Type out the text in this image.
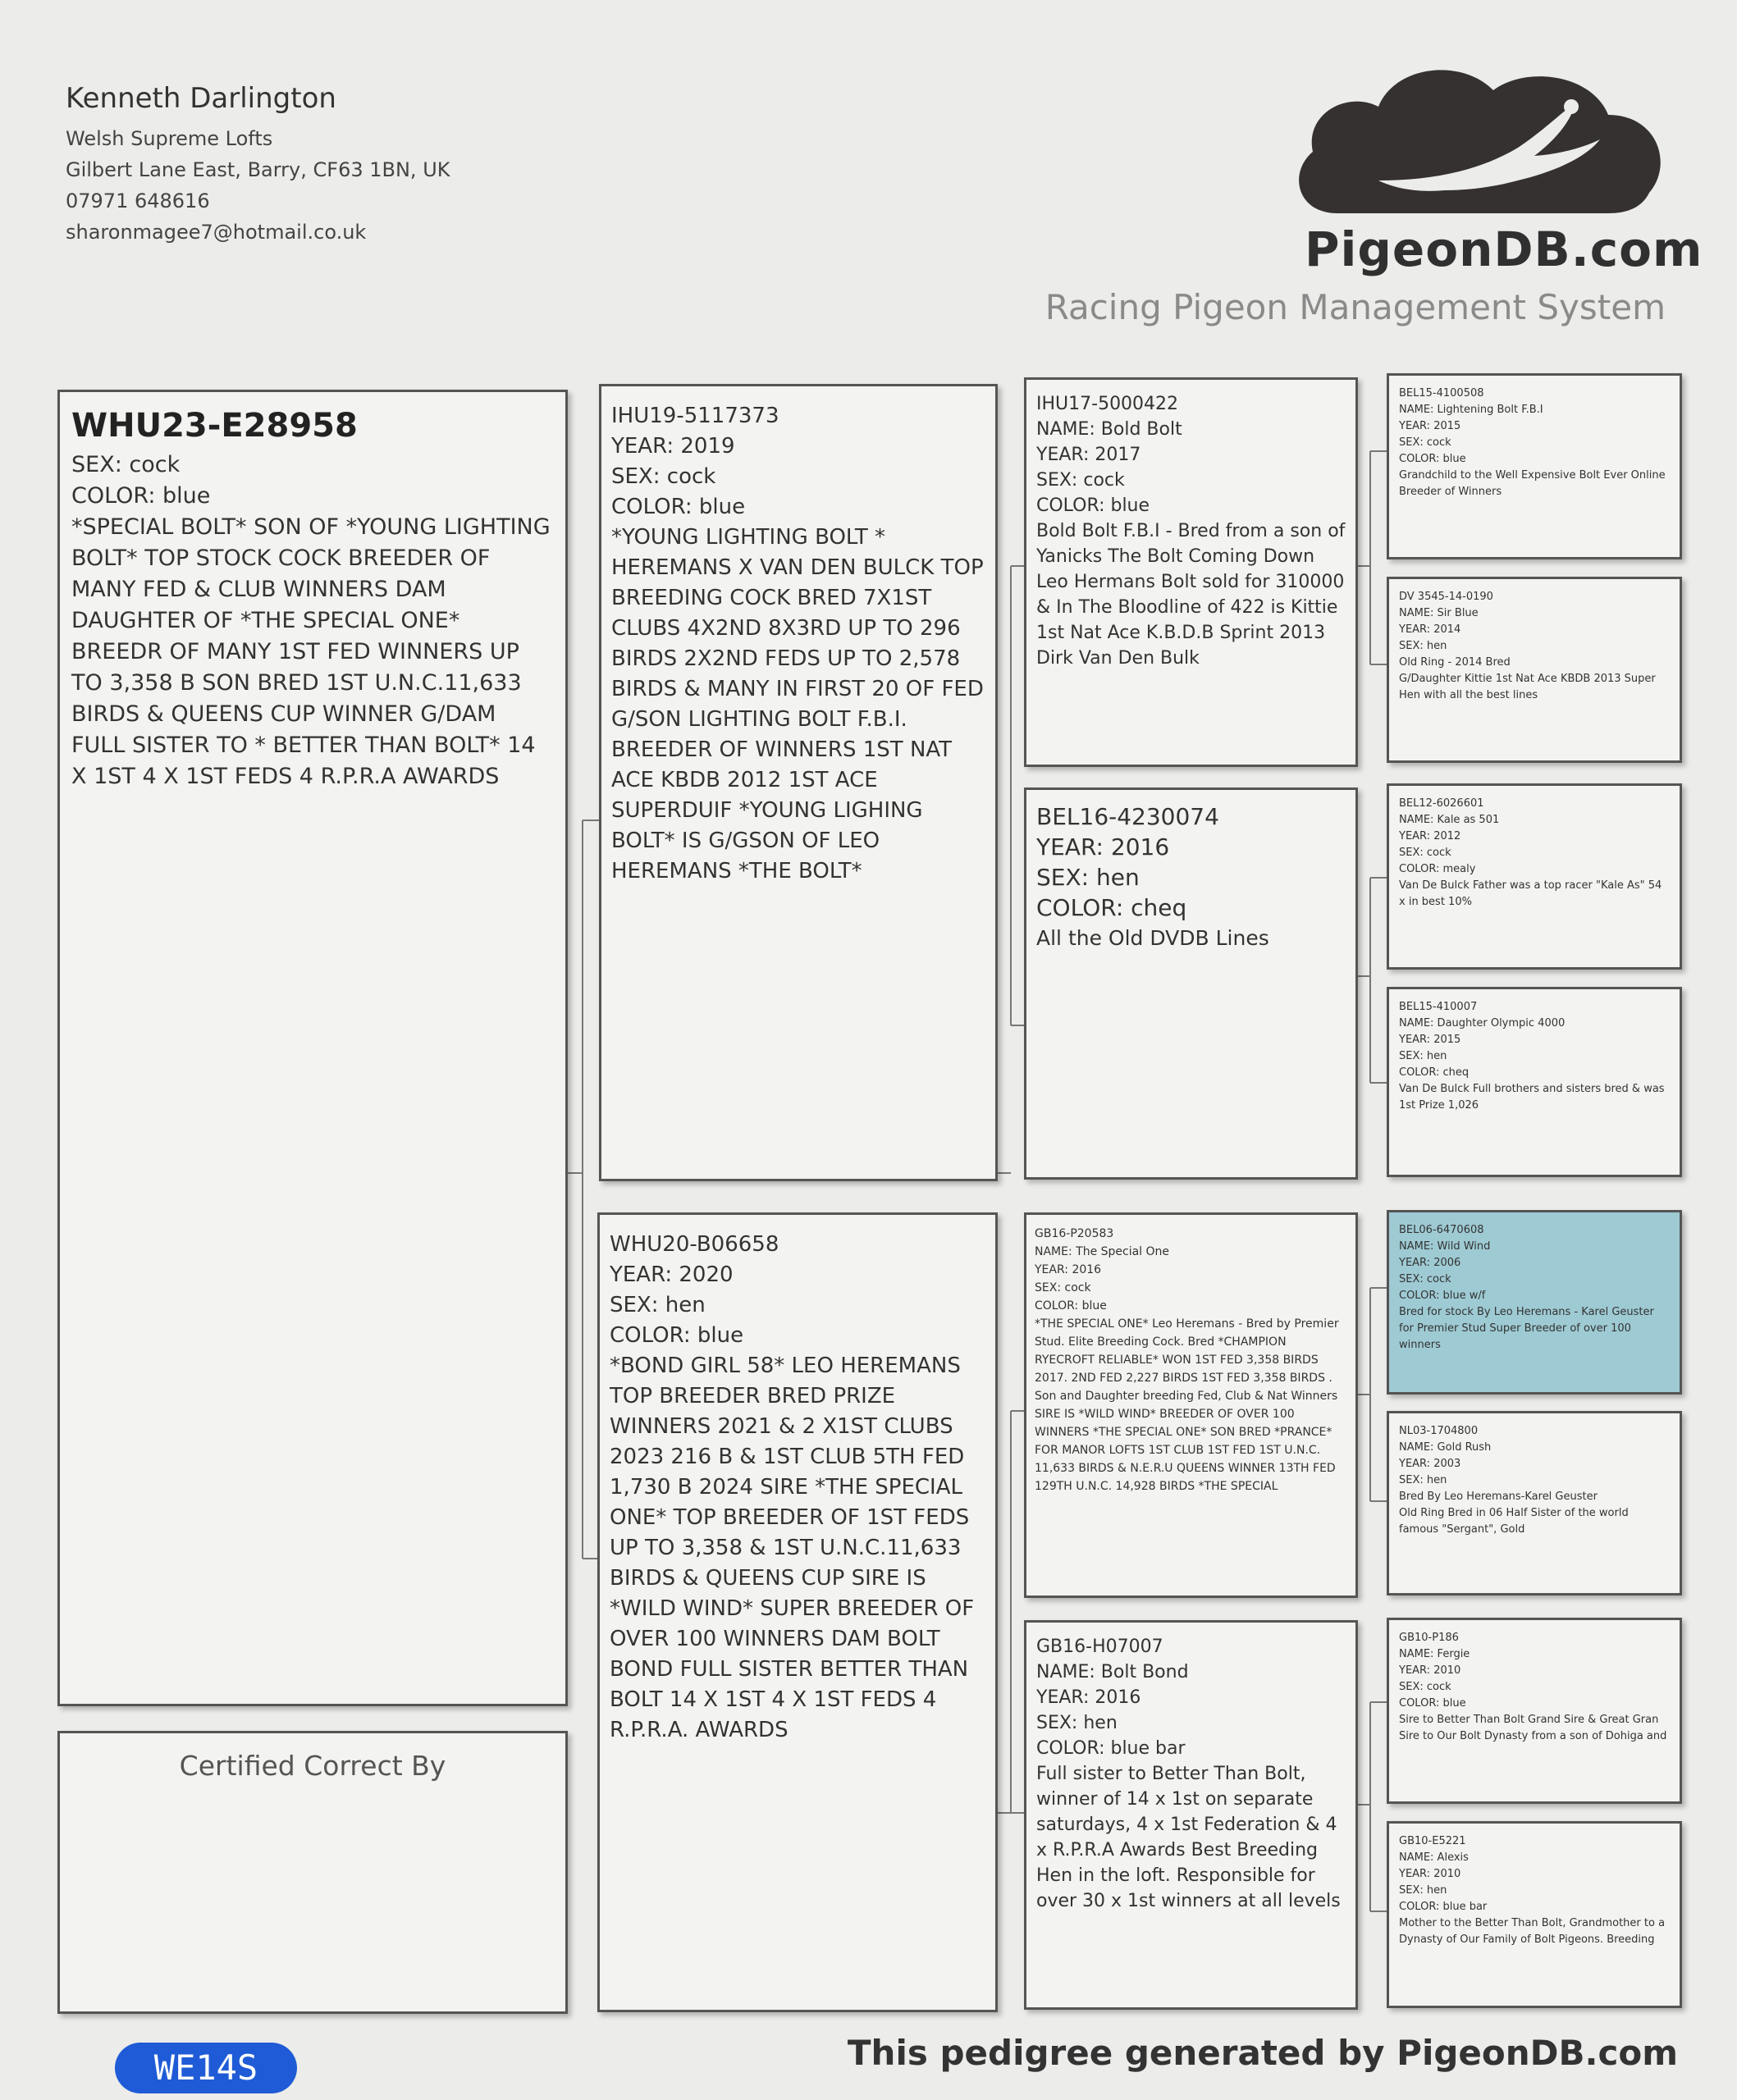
Kenneth Darlington
Welsh Supreme Lofts
Gilbert Lane East, Barry, CF63 1BN, UK
07971 648616
sharonmagee7@hotmail.co.uk	PigeonDB.com
Racing Pigeon Management System
WHU23-E28958
SEX: cock
COLOR: blue
*SPECIAL BOLT* SON OF *YOUNG LIGHTING BOLT* TOP STOCK COCK BREEDER OF MANY FED & CLUB WINNERS DAM DAUGHTER OF *THE SPECIAL ONE* BREEDR OF MANY 1ST FED WINNERS UP TO 3,358 B SON BRED 1ST U.N.C.11,633 BIRDS & QUEENS CUP WINNER G/DAM FULL SISTER TO * BETTER THAN BOLT* 14 X 1ST 4 X 1ST FEDS 4 R.P.R.A AWARDS
IHU19-5117373
YEAR: 2019
SEX: cock
COLOR: blue
*YOUNG LIGHTING BOLT * HEREMANS X VAN DEN BULCK TOP BREEDING COCK BRED 7X1ST CLUBS 4X2ND 8X3RD UP TO 296 BIRDS 2X2ND FEDS UP TO 2,578 BIRDS & MANY IN FIRST 20 OF FED G/SON LIGHTING BOLT F.B.I. BREEDER OF WINNERS 1ST NAT ACE KBDB 2012 1ST ACE SUPERDUIF *YOUNG LIGHING BOLT* IS G/GSON OF LEO HEREMANS *THE BOLT*
WHU20-B06658
YEAR: 2020
SEX: hen
COLOR: blue
*BOND GIRL 58* LEO HEREMANS TOP BREEDER BRED PRIZE WINNERS 2021 & 2 X1ST CLUBS 2023 216 B & 1ST CLUB 5TH FED 1,730 B 2024 SIRE *THE SPECIAL ONE* TOP BREEDER OF 1ST FEDS UP TO 3,358 & 1ST U.N.C.11,633 BIRDS & QUEENS CUP SIRE IS *WILD WIND* SUPER BREEDER OF OVER 100 WINNERS DAM BOLT BOND FULL SISTER BETTER THAN BOLT 14 X 1ST 4 X 1ST FEDS 4 R.P.R.A. AWARDS
IHU17-5000422
NAME: Bold Bolt
YEAR: 2017
SEX: cock
COLOR: blue
Bold Bolt F.B.I - Bred from a son of Yanicks The Bolt Coming Down Leo Hermans Bolt sold for 310000 & In The Bloodline of 422 is Kittie 1st Nat Ace K.B.D.B Sprint 2013 Dirk Van Den Bulk
BEL16-4230074
YEAR: 2016
SEX: hen
COLOR: cheq
All the Old DVDB Lines
GB16-P20583
NAME: The Special One
YEAR: 2016
SEX: cock
COLOR: blue
*THE SPECIAL ONE* Leo Heremans - Bred by Premier Stud. Elite Breeding Cock. Bred *CHAMPION RYECROFT RELIABLE* WON 1ST FED 3,358 BIRDS 2017. 2ND FED 2,227 BIRDS 1ST FED 3,358 BIRDS . Son and Daughter breeding Fed, Club & Nat Winners SIRE IS *WILD WIND* BREEDER OF OVER 100 WINNERS *THE SPECIAL ONE* SON BRED *PRANCE* FOR MANOR LOFTS 1ST CLUB 1ST FED 1ST U.N.C. 11,633 BIRDS & N.E.R.U QUEENS WINNER 13TH FED 129TH U.N.C. 14,928 BIRDS *THE SPECIAL
GB16-H07007
NAME: Bolt Bond
YEAR: 2016
SEX: hen
COLOR: blue bar
Full sister to Better Than Bolt, winner of 14 x 1st on separate saturdays, 4 x 1st Federation & 4 x R.P.R.A Awards Best Breeding Hen in the loft. Responsible for over 30 x 1st winners at all levels
BEL15-4100508
NAME: Lightening Bolt F.B.I
YEAR: 2015
SEX: cock
COLOR: blue
Grandchild to the Well Expensive Bolt Ever Online Breeder of Winners
DV 3545-14-0190
NAME: Sir Blue
YEAR: 2014
SEX: hen
Old Ring - 2014 Bred
G/Daughter Kittie 1st Nat Ace KBDB 2013 Super Hen with all the best lines
BEL12-6026601
NAME: Kale as 501
YEAR: 2012
SEX: cock
COLOR: mealy
Van De Bulck Father was a top racer "Kale As" 54 x in best 10%
BEL15-410007
NAME: Daughter Olympic 4000
YEAR: 2015
SEX: hen
COLOR: cheq
Van De Bulck Full brothers and sisters bred & was 1st Prize 1,026
BEL06-6470608
NAME: Wild Wind
YEAR: 2006
SEX: cock
COLOR: blue w/f
Bred for stock By Leo Heremans - Karel Geuster for Premier Stud Super Breeder of over 100 winners
NL03-1704800
NAME: Gold Rush
YEAR: 2003
SEX: hen
Bred By Leo Heremans-Karel Geuster
Old Ring Bred in 06 Half Sister of the world famous "Sergant", Gold
GB10-P186
NAME: Fergie
YEAR: 2010
SEX: cock
COLOR: blue
Sire to Better Than Bolt Grand Sire & Great Gran Sire to Our Bolt Dynasty from a son of Dohiga and
GB10-E5221
NAME: Alexis
YEAR: 2010
SEX: hen
COLOR: blue bar
Mother to the Better Than Bolt, Grandmother to a Dynasty of Our Family of Bolt Pigeons. Breeding
Certified Correct By
WE14S	This pedigree generated by PigeonDB.com
